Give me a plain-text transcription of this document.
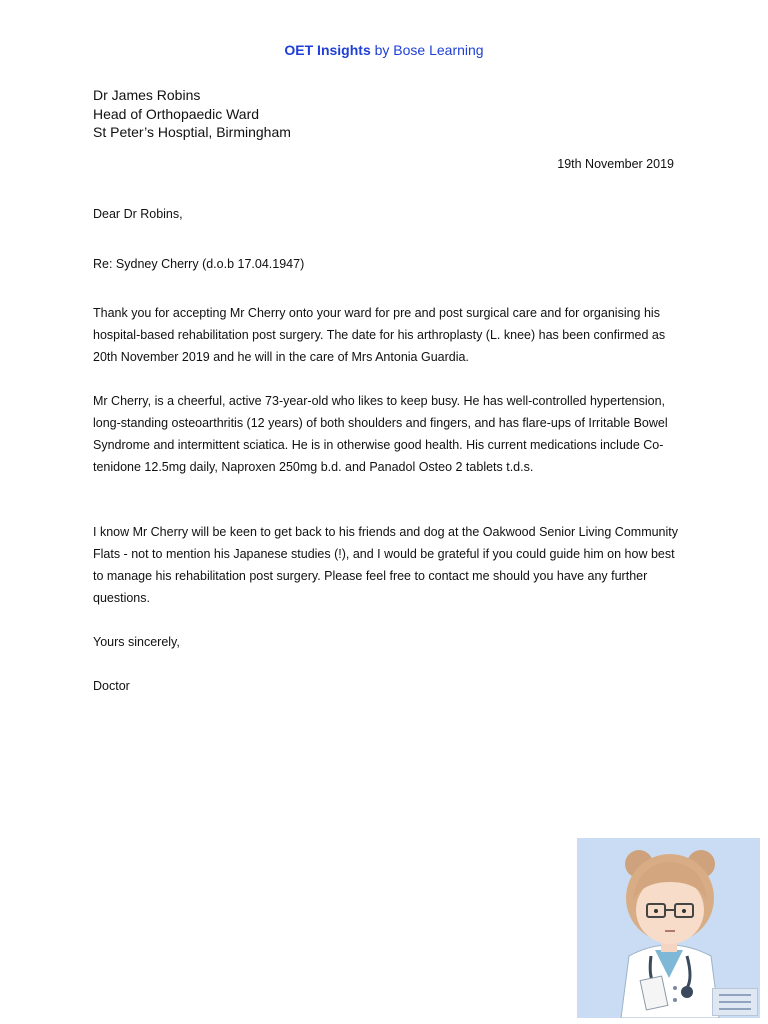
OET Insights by Bose Learning
Dr James Robins
Head of Orthopaedic Ward
St Peter’s Hosptial, Birmingham
19th November 2019
Dear Dr Robins,
Re: Sydney Cherry (d.o.b 17.04.1947)

Thank you for accepting Mr Cherry onto your ward for pre and post surgical care and for organising his hospital-based rehabilitation post surgery. The date for his arthroplasty (L. knee) has been confirmed as 20th November 2019 and he will in the care of Mrs Antonia Guardia.

Mr Cherry, is a cheerful, active 73-year-old who likes to keep busy. He has well-controlled hypertension, long-standing osteoarthritis (12 years) of both shoulders and fingers, and has flare-ups of Irritable Bowel Syndrome and intermittent sciatica. He is in otherwise good health. His current medications include Co-tenidone 12.5mg daily, Naproxen 250mg b.d. and Panadol Osteo 2 tablets t.d.s.

I know Mr Cherry will be keen to get back to his friends and dog at the Oakwood Senior Living Community Flats - not to mention his Japanese studies (!), and I would be grateful if you could guide him on how best to manage his rehabilitation post surgery. Please feel free to contact me should you have any further questions.

Yours sincerely,
Doctor
